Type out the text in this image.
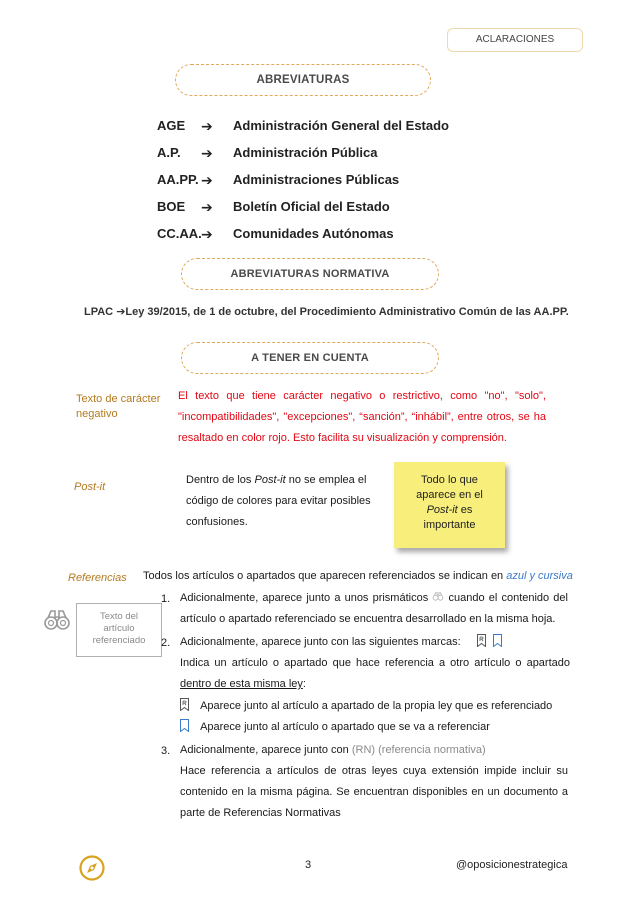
ACLARACIONES
ABREVIATURAS
AGE	➔ Administración General del Estado
A.P.	➔ Administración Pública
AA.PP. ➔ Administraciones Públicas
BOE	➔ Boletín Oficial del Estado
CC.AA. ➔ Comunidades Autónomas
ABREVIATURAS NORMATIVA
LPAC ➔Ley 39/2015, de 1 de octubre, del Procedimiento Administrativo Común de las AA.PP.
A TENER EN CUENTA
Texto de carácter negativo
El texto que tiene carácter negativo o restrictivo, como "no", "solo",
"incompatibilidades", "excepciones", “sanción”, “inhábil”, entre otros, se ha
resaltado en color rojo. Esto facilita su visualización y comprensión.
Post-it
Dentro de los Post-it no se emplea el
código de colores para evitar posibles
confusiones.
Todo lo que
aparece en el
Post-it es
importante
Referencias Todos los artículos o apartados que aparecen referenciados se indican en azul y cursiva
Texto del
artículo
referenciado
1. Adicionalmente, aparece junto a unos prismáticos  cuando el contenido del
artículo o apartado referenciado se encuentra desarrollado en la misma hoja.
2. Adicionalmente, aparece junto con las siguientes marcas:
Indica un artículo o apartado que hace referencia a otro artículo o apartado
dentro de esta misma ley:
Aparece junto al artículo a apartado de la propia ley que es referenciado
Aparece junto al artículo o apartado que se va a referenciar
3. Adicionalmente, aparece junto con (RN) (referencia normativa)
Hace referencia a artículos de otras leyes cuya extensión impide incluir su
contenido en la misma página. Se encuentran disponibles en un documento a
parte de Referencias Normativas
3	@oposicionestrategica
